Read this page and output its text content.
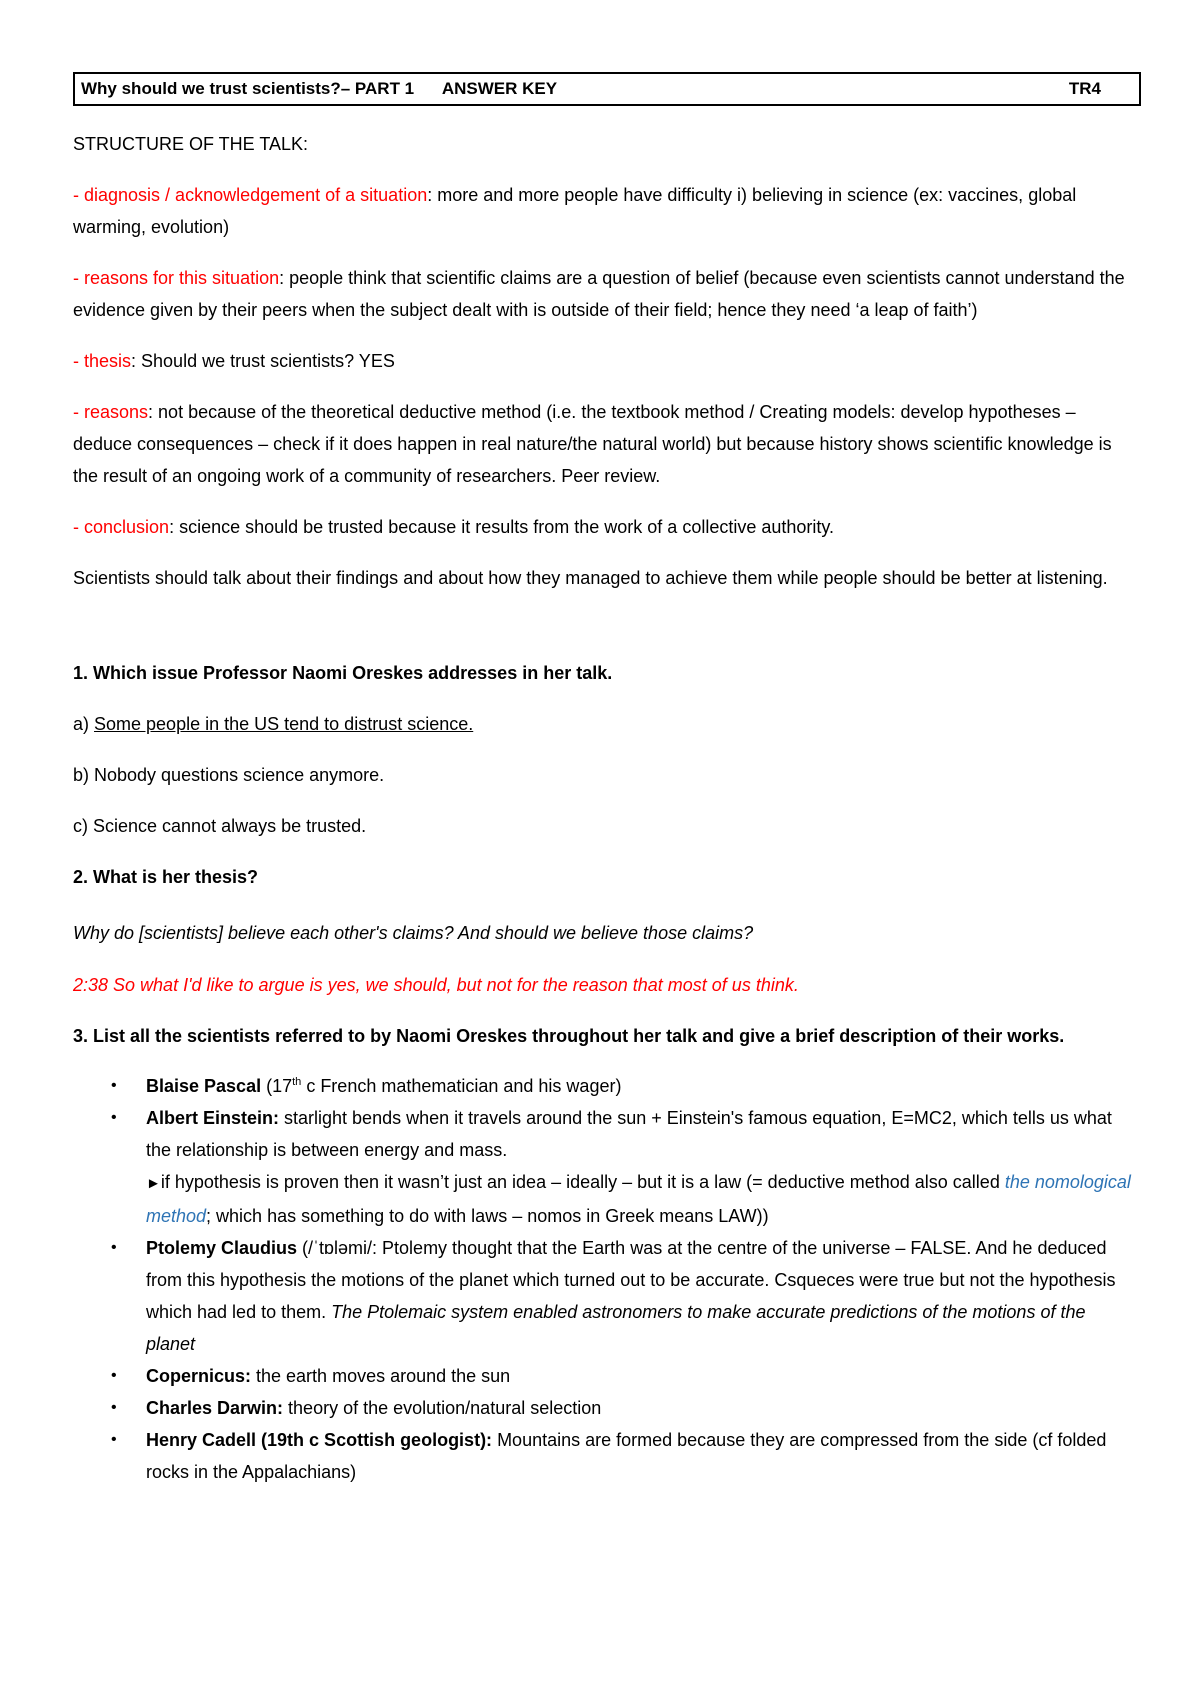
Why should we trust scientists?– PART 1 ANSWER KEY	TR4

STRUCTURE OF THE TALK:

- diagnosis / acknowledgement of a situation: more and more people have difficulty i) believing in science (ex: vaccines, global warming, evolution)

- reasons for this situation: people think that scientific claims are a question of belief (because even scientists cannot understand the evidence given by their peers when the subject dealt with is outside of their field; hence they need ‘a leap of faith’)

- thesis: Should we trust scientists? YES

- reasons: not because of the theoretical deductive method (i.e. the textbook method / Creating models: develop hypotheses – deduce consequences – check if it does happen in real nature/the natural world) but because history shows scientific knowledge is the result of an ongoing work of a community of researchers. Peer review.

- conclusion: science should be trusted because it results from the work of a collective authority.

Scientists should talk about their findings and about how they managed to achieve them while people should be better at listening.

1. Which issue Professor Naomi Oreskes addresses in her talk.

a) Some people in the US tend to distrust science.

b) Nobody questions science anymore.

c) Science cannot always be trusted.

2. What is her thesis?

Why do [scientists] believe each other's claims? And should we believe those claims?

2:38 So what I'd like to argue is yes, we should, but not for the reason that most of us think.

3. List all the scientists referred to by Naomi Oreskes throughout her talk and give a brief description of their works.

• Blaise Pascal (17th c French mathematician and his wager)
• Albert Einstein: starlight bends when it travels around the sun + Einstein's famous equation, E=MC2, which tells us what the relationship is between energy and mass.
►if hypothesis is proven then it wasn’t just an idea – ideally – but it is a law (= deductive method also called the nomological method; which has something to do with laws – nomos in Greek means LAW))
• Ptolemy Claudius (/ˈtɒləmi/: Ptolemy thought that the Earth was at the centre of the universe – FALSE. And he deduced from this hypothesis the motions of the planet which turned out to be accurate. Csqueces were true but not the hypothesis which had led to them. The Ptolemaic system enabled astronomers to make accurate predictions of the motions of the planet
• Copernicus: the earth moves around the sun
• Charles Darwin: theory of the evolution/natural selection
• Henry Cadell (19th c Scottish geologist): Mountains are formed because they are compressed from the side (cf folded rocks in the Appalachians)
